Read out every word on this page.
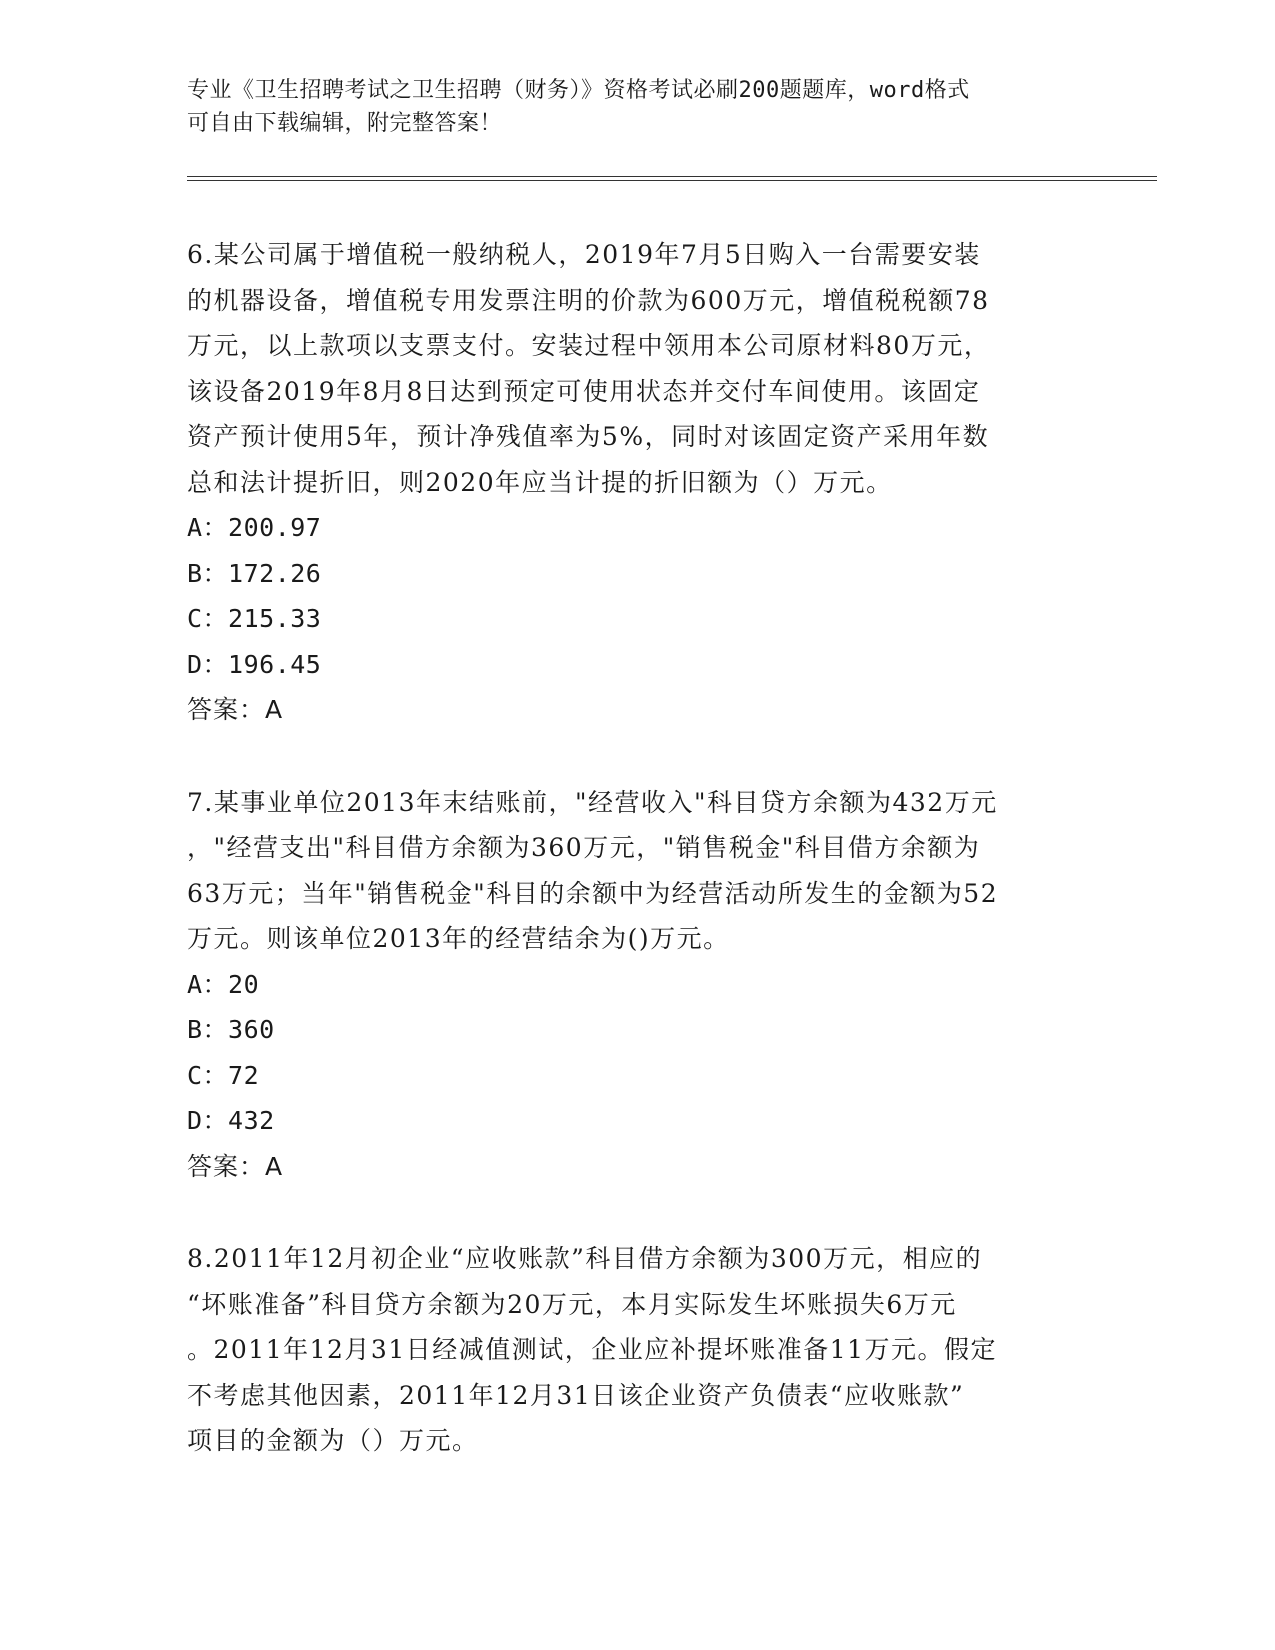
专业《卫生招聘考试之卫生招聘（财务）》资格考试必刷200题题库，word格式
可自由下载编辑，附完整答案！
6.某公司属于增值税一般纳税人，2019年7月5日购入一台需要安装
的机器设备，增值税专用发票注明的价款为600万元，增值税税额78
万元，以上款项以支票支付。安装过程中领用本公司原材料80万元，
该设备2019年8月8日达到预定可使用状态并交付车间使用。该固定
资产预计使用5年，预计净残值率为5%，同时对该固定资产采用年数
总和法计提折旧，则2020年应当计提的折旧额为（）万元。
A：200.97
B：172.26
C：215.33
D：196.45
答案：A
7.某事业单位2013年末结账前，"经营收入"科目贷方余额为432万元
，"经营支出"科目借方余额为360万元，"销售税金"科目借方余额为
63万元；当年"销售税金"科目的余额中为经营活动所发生的金额为52
万元。则该单位2013年的经营结余为()万元。
A：20
B：360
C：72
D：432
答案：A
8.2011年12月初企业“应收账款”科目借方余额为300万元，相应的
“坏账准备”科目贷方余额为20万元，本月实际发生坏账损失6万元
。2011年12月31日经减值测试，企业应补提坏账准备11万元。假定
不考虑其他因素，2011年12月31日该企业资产负债表“应收账款”
项目的金额为（）万元。
